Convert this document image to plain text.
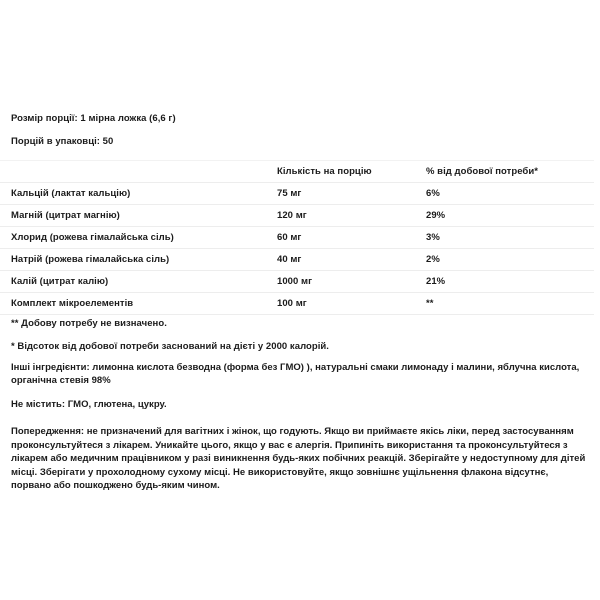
Розмір порції: 1 мірна ложка (6,6 г)

Порцій в упаковці: 50

	Кількість на порцію	% від добової потреби*
Кальцій (лактат кальцію)	75 мг	6%
Магній (цитрат магнію)	120 мг	29%
Хлорид (рожева гімалайська сіль)	60 мг	3%
Натрій (рожева гімалайська сіль)	40 мг	2%
Калій (цитрат калію)	1000 мг	21%
Комплект мікроелементів	100 мг	**

** Добову потребу не визначено.

* Відсоток від добової потреби заснований на дієті у 2000 калорій.

Інші інгредієнти: лимонна кислота безводна (форма без ГМО) ), натуральні смаки лимонаду і малини, яблучна кислота, органічна стевія 98%

Не містить: ГМО, глютена, цукру.

Попередження: не призначений для вагітних і жінок, що годують. Якщо ви приймаєте якісь ліки, перед застосуванням проконсультуйтеся з лікарем. Уникайте цього, якщо у вас є алергія. Припиніть використання та проконсультуйтеся з лікарем або медичним працівником у разі виникнення будь-яких побічних реакцій. Зберігайте у недоступному для дітей місці. Зберігати у прохолодному сухому місці. Не використовуйте, якщо зовнішнє ущільнення флакона відсутнє, порвано або пошкоджено будь-яким чином.
